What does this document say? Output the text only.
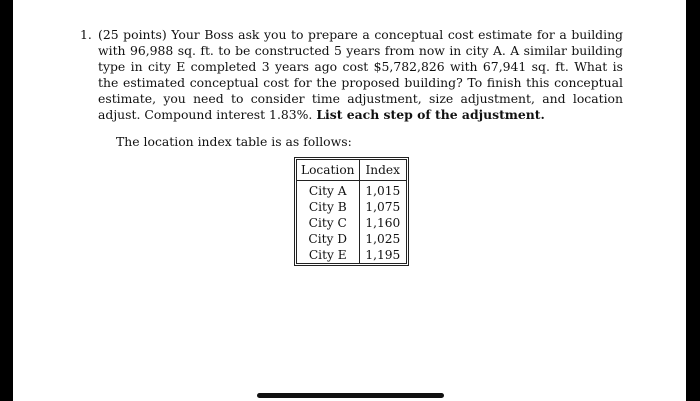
1. (25 points) Your Boss ask you to prepare a conceptual cost estimate for a building with 96,988 sq. ft. to be constructed 5 years from now in city A. A similar building type in city E completed 3 years ago cost $5,782,826 with 67,941 sq. ft. What is the estimated conceptual cost for the proposed building? To finish this conceptual estimate, you need to consider time adjustment, size adjustment, and location adjust. Compound interest 1.83%. List each step of the adjustment.
The location index table is as follows:
Location	Index

City A	1,015
City B	1,075
City C	1,160
City D	1,025
City E	1,195
